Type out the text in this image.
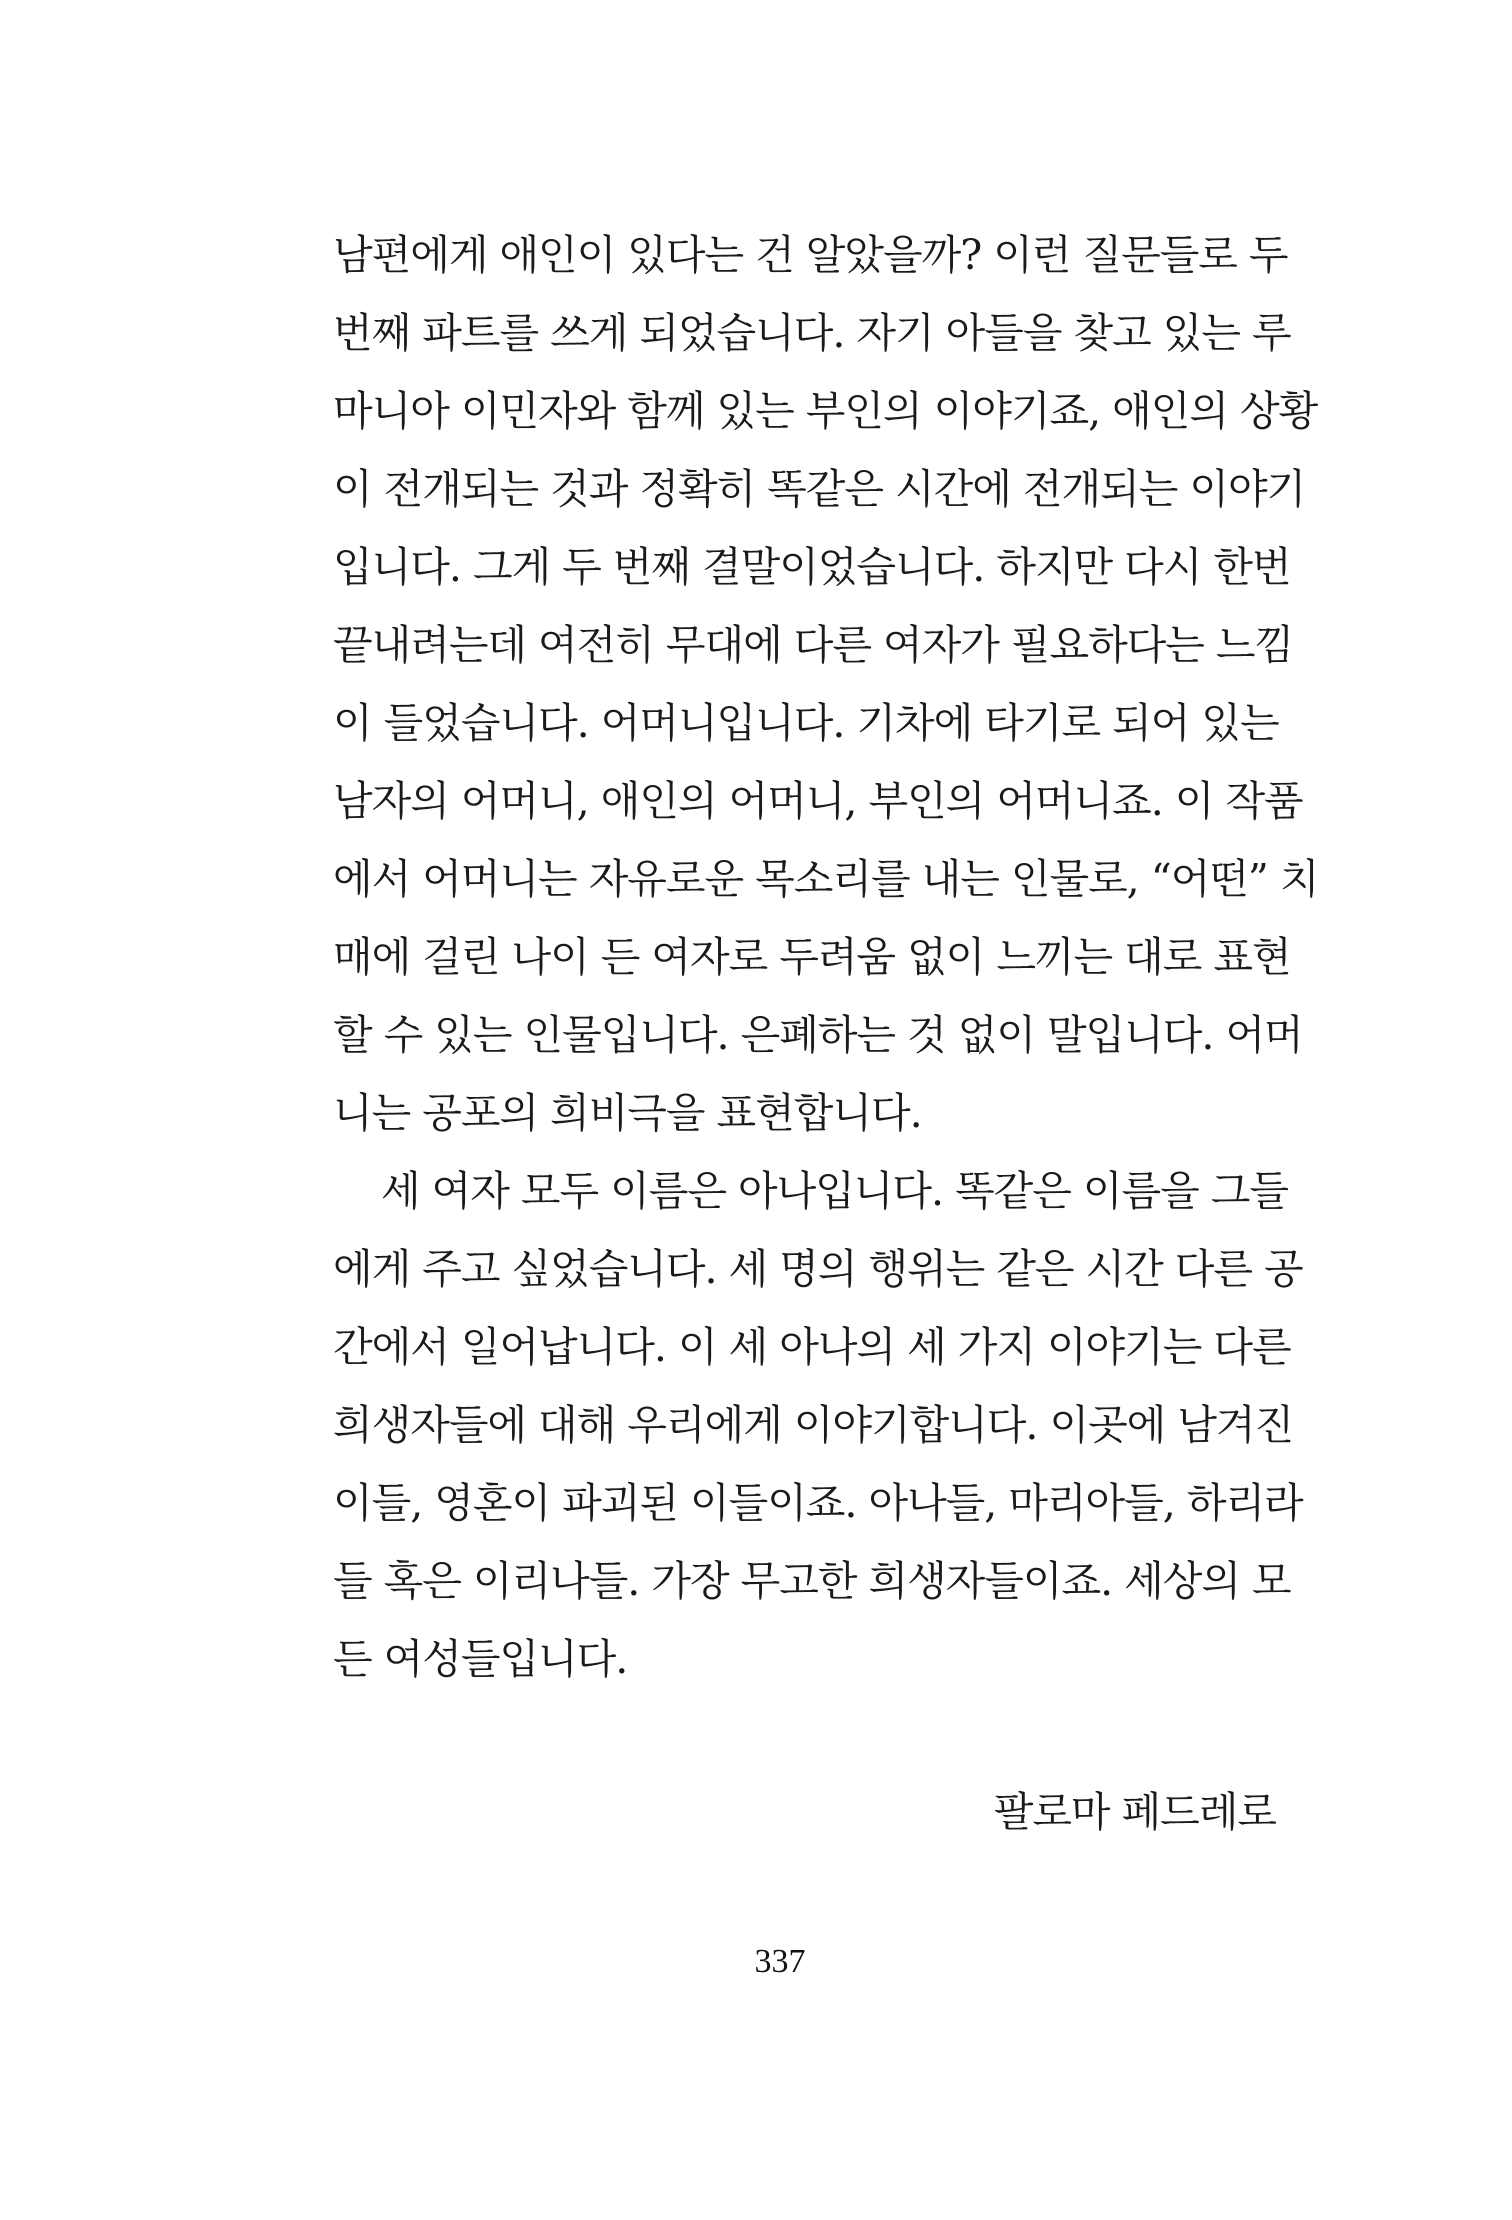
남편에게 애인이 있다는 건 알았을까? 이런 질문들로 두
번째 파트를 쓰게 되었습니다. 자기 아들을 찾고 있는 루
마니아 이민자와 함께 있는 부인의 이야기죠, 애인의 상황
이 전개되는 것과 정확히 똑같은 시간에 전개되는 이야기
입니다. 그게 두 번째 결말이었습니다. 하지만 다시 한번
끝내려는데 여전히 무대에 다른 여자가 필요하다는 느낌
이 들었습니다. 어머니입니다. 기차에 타기로 되어 있는
남자의 어머니, 애인의 어머니, 부인의 어머니죠. 이 작품
에서 어머니는 자유로운 목소리를 내는 인물로, “어떤” 치
매에 걸린 나이 든 여자로 두려움 없이 느끼는 대로 표현
할 수 있는 인물입니다. 은폐하는 것 없이 말입니다. 어머
니는 공포의 희비극을 표현합니다.
세 여자 모두 이름은 아나입니다. 똑같은 이름을 그들
에게 주고 싶었습니다. 세 명의 행위는 같은 시간 다른 공
간에서 일어납니다. 이 세 아나의 세 가지 이야기는 다른
희생자들에 대해 우리에게 이야기합니다. 이곳에 남겨진
이들, 영혼이 파괴된 이들이죠. 아나들, 마리아들, 하리라
들 혹은 이리나들. 가장 무고한 희생자들이죠. 세상의 모
든 여성들입니다.
팔로마 페드레로
337
